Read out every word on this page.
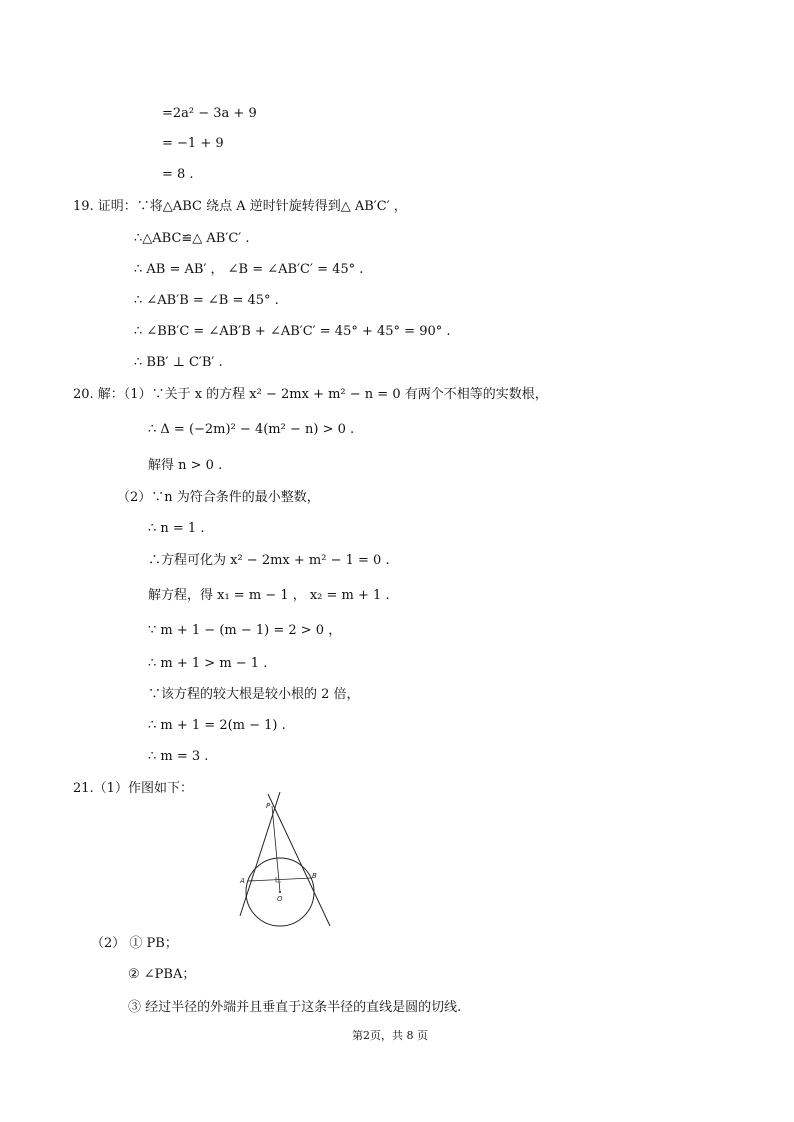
=2a² − 3a + 9
= −1 + 9
= 8 .
19. 证明：∵将△ABC 绕点 A 逆时针旋转得到△ AB′C′ ，
∴△ABC≌△ AB′C′ .
∴ AB = AB′ ， ∠B = ∠AB′C′ = 45° .
∴ ∠AB′B = ∠B = 45° .
∴ ∠BB′C = ∠AB′B + ∠AB′C′ = 45° + 45° = 90° .
∴ BB′ ⊥ C′B′ .
20. 解：（1）∵关于 x 的方程 x² − 2mx + m² − n = 0 有两个不相等的实数根，
∴ Δ = (−2m)² − 4(m² − n) > 0 .
解得 n > 0 .
（2）∵n 为符合条件的最小整数，
∴ n = 1 .
∴方程可化为 x² − 2mx + m² − 1 = 0 .
解方程，得 x₁ = m − 1 ， x₂ = m + 1 .
∵ m + 1 − (m − 1) = 2 > 0 ，
∴ m + 1 > m − 1 .
∵该方程的较大根是较小根的 2 倍，
∴ m + 1 = 2(m − 1) .
∴ m = 3 .
21.（1）作图如下：
P
A
B
O
（2） ① PB；
② ∠PBA；
③ 经过半径的外端并且垂直于这条半径的直线是圆的切线.
第2页，共 8 页
